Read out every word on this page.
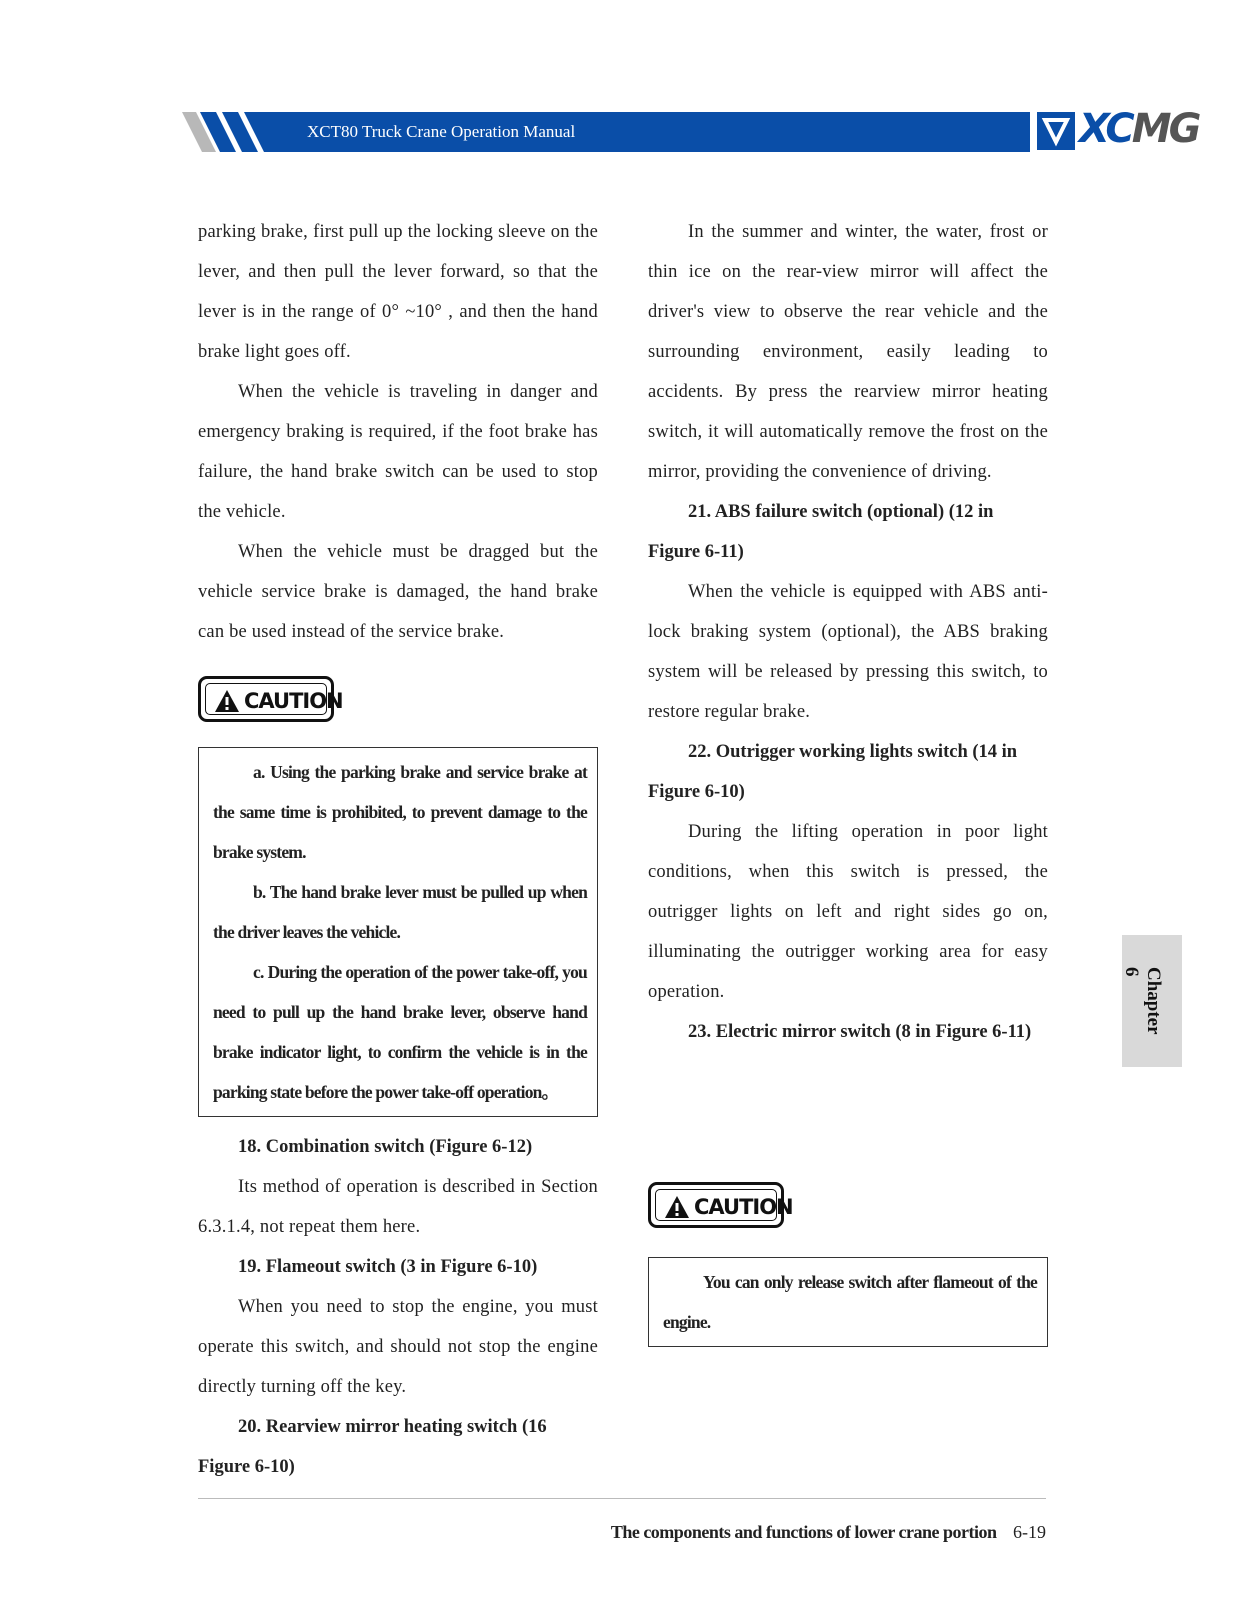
XCT80 Truck Crane Operation Manual	XCMG

parking brake, first pull up the locking sleeve on the lever, and then pull the lever forward, so that the lever is in the range of 0° ~10° , and then the hand brake light goes off.

When the vehicle is traveling in danger and emergency braking is required, if the foot brake has failure, the hand brake switch can be used to stop the vehicle.

When the vehicle must be dragged but the vehicle service brake is damaged, the hand brake can be used instead of the service brake.

CAUTION

a. Using the parking brake and service brake at the same time is prohibited, to prevent damage to the brake system.

b. The hand brake lever must be pulled up when the driver leaves the vehicle.

c. During the operation of the power take-off, you need to pull up the hand brake lever, observe hand brake indicator light, to confirm the vehicle is in the parking state before the power take-off operation。

18. Combination switch (Figure 6-12)

Its method of operation is described in Section 6.3.1.4, not repeat them here.

19. Flameout switch (3 in Figure 6-10)

When you need to stop the engine, you must operate this switch, and should not stop the engine directly turning off the key.

20. Rearview mirror heating switch (16 Figure 6-10)

In the summer and winter, the water, frost or thin ice on the rear-view mirror will affect the driver's view to observe the rear vehicle and the surrounding environment, easily leading to accidents. By press the rearview mirror heating switch, it will automatically remove the frost on the mirror, providing the convenience of driving.

21. ABS failure switch (optional) (12 in Figure 6-11)

When the vehicle is equipped with ABS anti-lock braking system (optional), the ABS braking system will be released by pressing this switch, to restore regular brake.

22. Outrigger working lights switch (14 in Figure 6-10)

During the lifting operation in poor light conditions, when this switch is pressed, the outrigger lights on left and right sides go on, illuminating the outrigger working area for easy operation.

23. Electric mirror switch (8 in Figure 6-11)

CAUTION

You can only release switch after flameout of the engine.

Chapter 6
The components and functions of lower crane portion 6-19
